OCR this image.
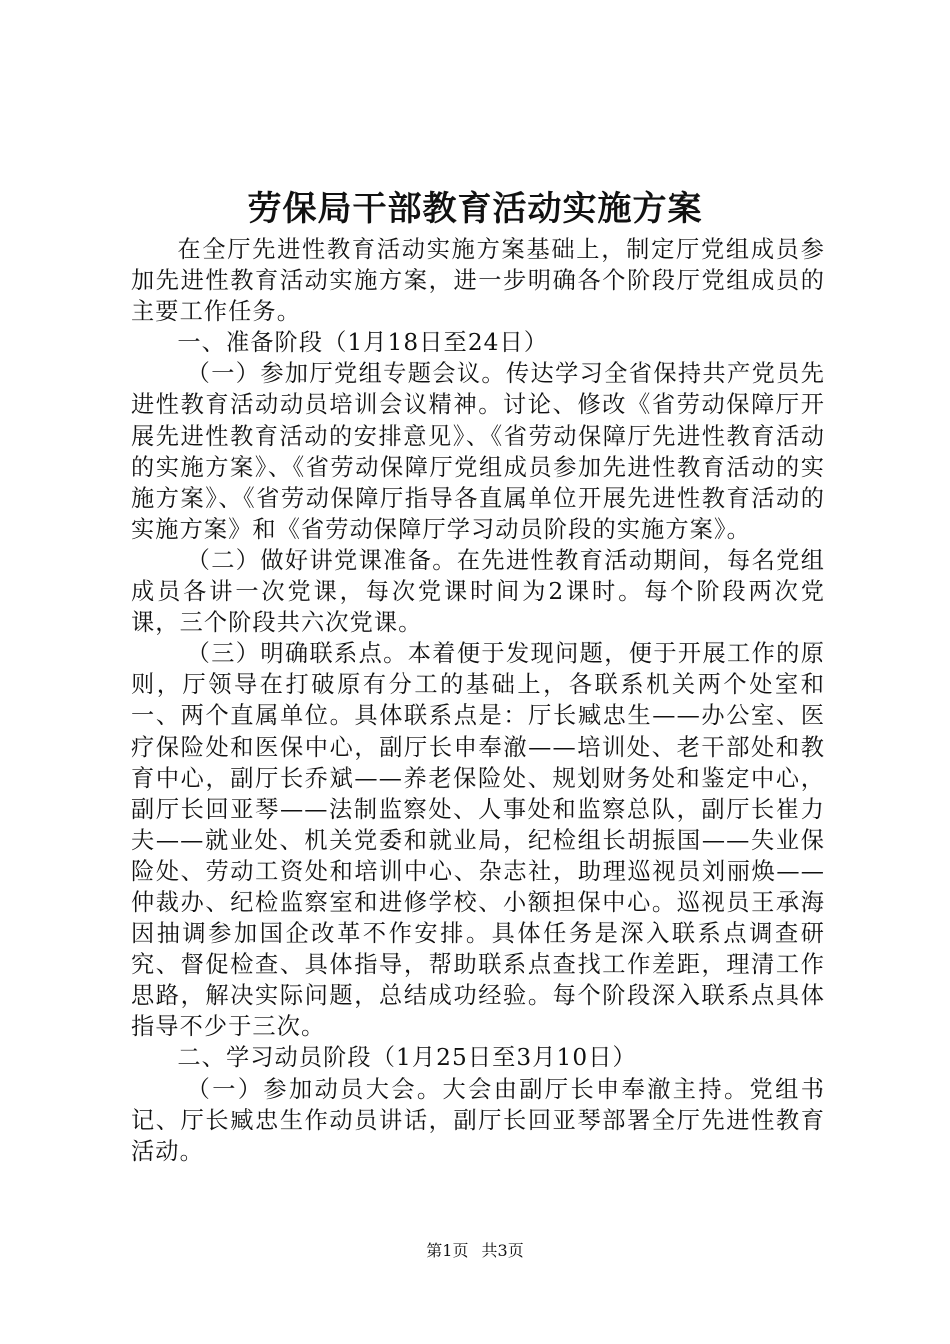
劳保局干部教育活动实施方案

在全厅先进性教育活动实施方案基础上，制定厅党组成员参加先进性教育活动实施方案，进一步明确各个阶段厅党组成员的主要工作任务。

一、准备阶段（1月18日至24日）

（一）参加厅党组专题会议。传达学习全省保持共产党员先进性教育活动动员培训会议精神。讨论、修改《省劳动保障厅开展先进性教育活动的安排意见》、《省劳动保障厅先进性教育活动的实施方案》、《省劳动保障厅党组成员参加先进性教育活动的实施方案》、《省劳动保障厅指导各直属单位开展先进性教育活动的实施方案》和《省劳动保障厅学习动员阶段的实施方案》。

（二）做好讲党课准备。在先进性教育活动期间，每名党组成员各讲一次党课，每次党课时间为2课时。每个阶段两次党课，三个阶段共六次党课。

（三）明确联系点。本着便于发现问题，便于开展工作的原则，厅领导在打破原有分工的基础上，各联系机关两个处室和一、两个直属单位。具体联系点是：厅长臧忠生——办公室、医疗保险处和医保中心，副厅长申奉澈——培训处、老干部处和教育中心，副厅长乔斌——养老保险处、规划财务处和鉴定中心，副厅长回亚琴——法制监察处、人事处和监察总队，副厅长崔力夫——就业处、机关党委和就业局，纪检组长胡振国——失业保险处、劳动工资处和培训中心、杂志社，助理巡视员刘丽焕——仲裁办、纪检监察室和进修学校、小额担保中心。巡视员王承海因抽调参加国企改革不作安排。具体任务是深入联系点调查研究、督促检查、具体指导，帮助联系点查找工作差距，理清工作思路，解决实际问题，总结成功经验。每个阶段深入联系点具体指导不少于三次。

二、学习动员阶段（1月25日至3月10日）

（一）参加动员大会。大会由副厅长申奉澈主持。党组书记、厅长臧忠生作动员讲话，副厅长回亚琴部署全厅先进性教育活动。

第1页 共3页
